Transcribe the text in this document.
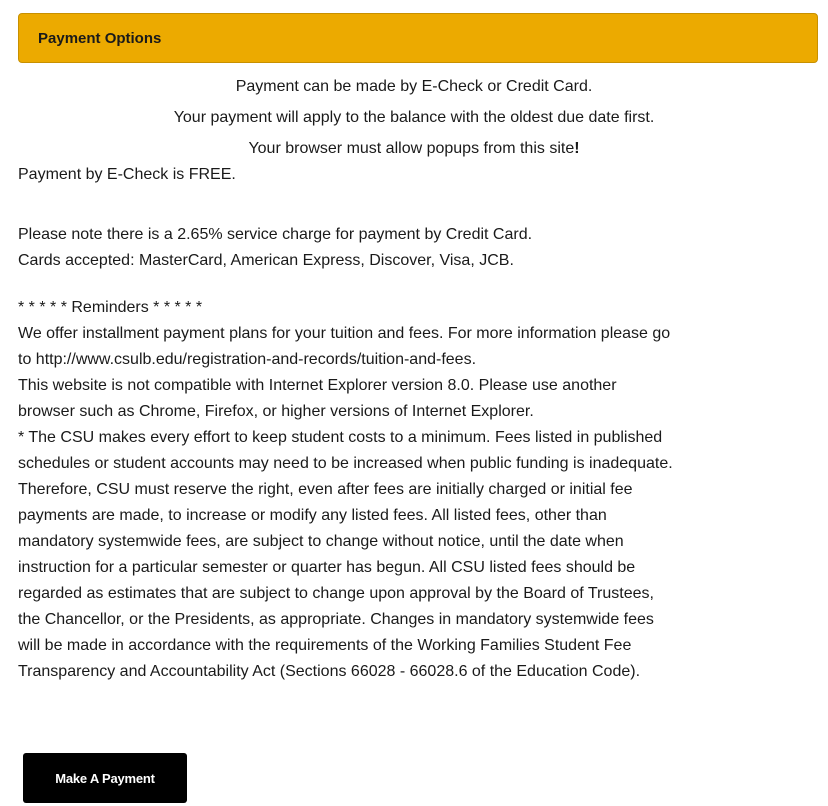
Payment Options
Payment can be made by E-Check or Credit Card.
Your payment will apply to the balance with the oldest due date first.
Your browser must allow popups from this site!

Payment by E-Check is FREE.

Please note there is a 2.65% service charge for payment by Credit Card.

Cards accepted: MasterCard, American Express, Discover, Visa, JCB.

* * * * * Reminders * * * * *

We offer installment payment plans for your tuition and fees. For more information please go

to http://www.csulb.edu/registration-and-records/tuition-and-fees.

This website is not compatible with Internet Explorer version 8.0. Please use another

browser such as Chrome, Firefox, or higher versions of Internet Explorer.

* The CSU makes every effort to keep student costs to a minimum. Fees listed in published

schedules or student accounts may need to be increased when public funding is inadequate.

Therefore, CSU must reserve the right, even after fees are initially charged or initial fee

payments are made, to increase or modify any listed fees. All listed fees, other than

mandatory systemwide fees, are subject to change without notice, until the date when

instruction for a particular semester or quarter has begun. All CSU listed fees should be

regarded as estimates that are subject to change upon approval by the Board of Trustees,

the Chancellor, or the Presidents, as appropriate. Changes in mandatory systemwide fees

will be made in accordance with the requirements of the Working Families Student Fee

Transparency and Accountability Act (Sections 66028 - 66028.6 of the Education Code).

Make A Payment
